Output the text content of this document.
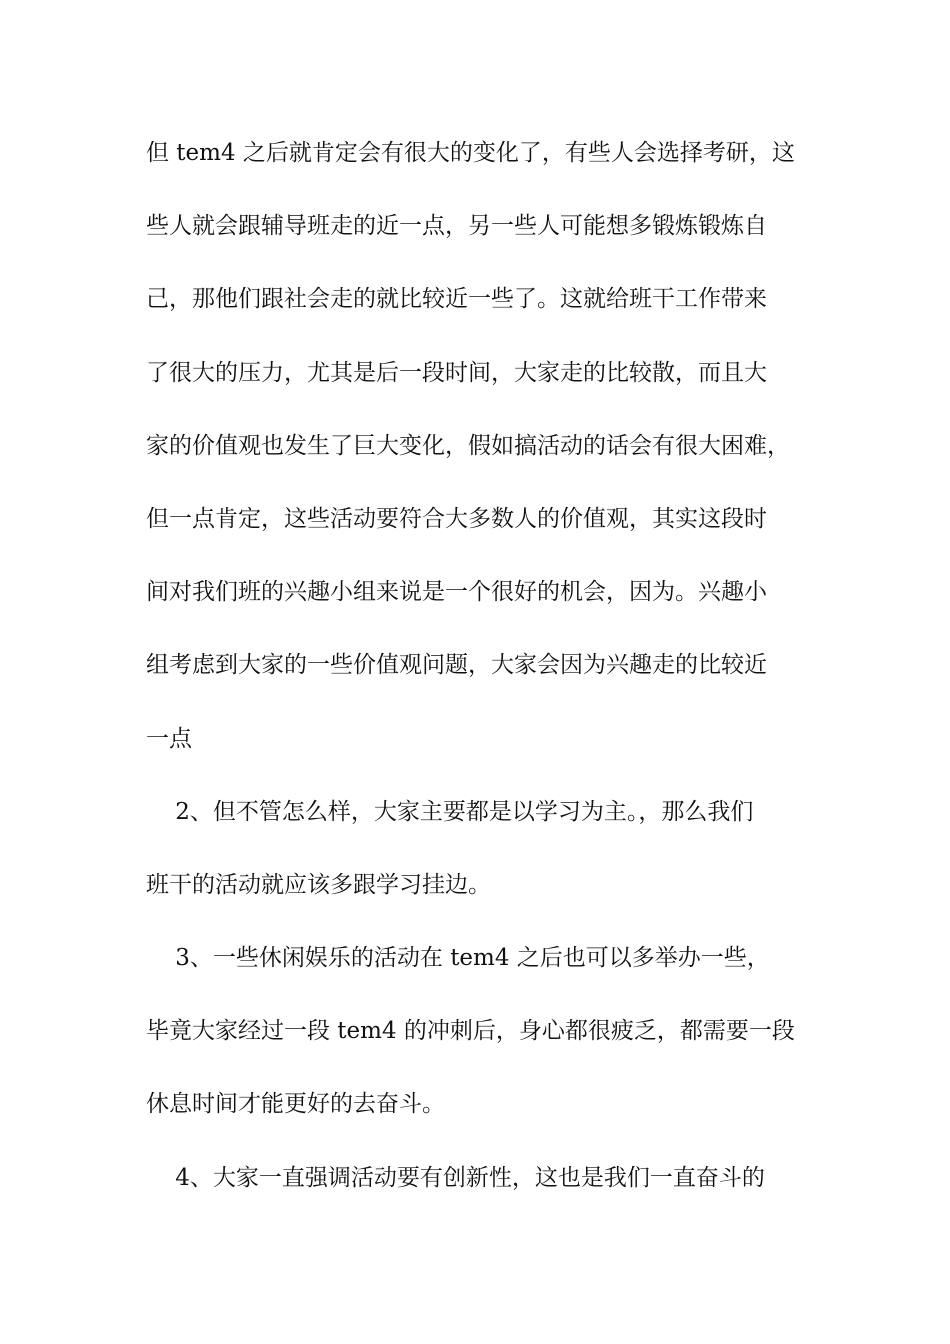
但 tem4 之后就肯定会有很大的变化了，有些人会选择考研，这
些人就会跟辅导班走的近一点，另一些人可能想多锻炼锻炼自
己，那他们跟社会走的就比较近一些了。这就给班干工作带来
了很大的压力，尤其是后一段时间，大家走的比较散，而且大
家的价值观也发生了巨大变化，假如搞活动的话会有很大困难，
但一点肯定，这些活动要符合大多数人的价值观，其实这段时
间对我们班的兴趣小组来说是一个很好的机会，因为。兴趣小
组考虑到大家的一些价值观问题，大家会因为兴趣走的比较近
一点
2、但不管怎么样，大家主要都是以学习为主。，那么我们
班干的活动就应该多跟学习挂边。
3、一些休闲娱乐的活动在 tem4 之后也可以多举办一些，
毕竟大家经过一段 tem4 的冲刺后，身心都很疲乏，都需要一段
休息时间才能更好的去奋斗。
4、大家一直强调活动要有创新性，这也是我们一直奋斗的
